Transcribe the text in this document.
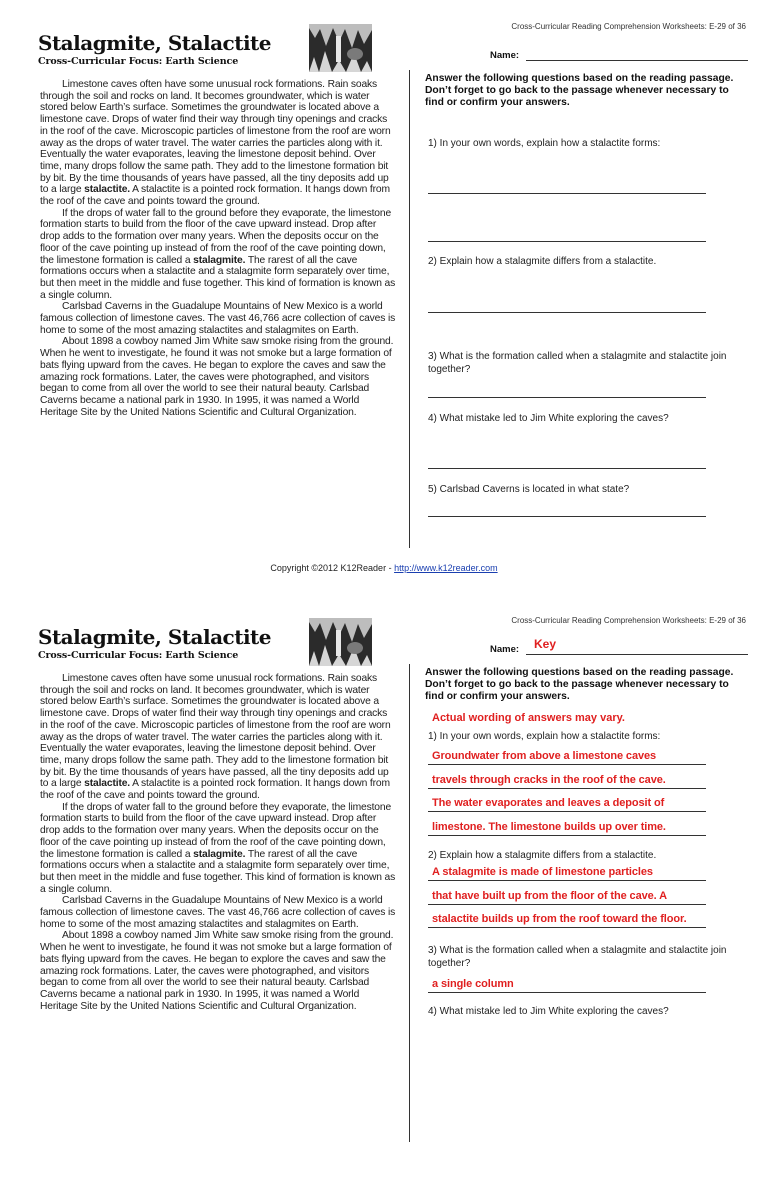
Cross-Curricular Reading Comprehension Worksheets: E-29 of 36
Stalagmite, Stalactite
Cross-Curricular Focus: Earth Science
Name:

Limestone caves often have some unusual rock formations. Rain soaks through the soil and rocks on land. It becomes groundwater, which is water stored below Earth’s surface. Sometimes the groundwater is located above a limestone cave. Drops of water find their way through tiny openings and cracks in the roof of the cave. Microscopic particles of limestone from the roof are worn away as the drops of water travel. The water carries the particles along with it. Eventually the water evaporates, leaving the limestone deposit behind. Over time, many drops follow the same path. They add to the limestone formation bit by bit. By the time thousands of years have passed, all the tiny deposits add up to a large stalactite. A stalactite is a pointed rock formation. It hangs down from the roof of the cave and points toward the ground.

If the drops of water fall to the ground before they evaporate, the limestone formation starts to build from the floor of the cave upward instead. Drop after drop adds to the formation over many years. When the deposits occur on the floor of the cave pointing up instead of from the roof of the cave pointing down, the limestone formation is called a stalagmite. The rarest of all the cave formations occurs when a stalactite and a stalagmite form separately over time, but then meet in the middle and fuse together. This kind of formation is known as a single column.

Carlsbad Caverns in the Guadalupe Mountains of New Mexico is a world famous collection of limestone caves. The vast 46,766 acre collection of caves is home to some of the most amazing stalactites and stalagmites on Earth.

About 1898 a cowboy named Jim White saw smoke rising from the ground. When he went to investigate, he found it was not smoke but a large formation of bats flying upward from the caves. He began to explore the caves and saw the amazing rock formations. Later, the caves were photographed, and visitors began to come from all over the world to see their natural beauty. Carlsbad Caverns became a national park in 1930. In 1995, it was named a World Heritage Site by the United Nations Scientific and Cultural Organization.

Answer the following questions based on the reading passage. Don’t forget to go back to the passage whenever necessary to find or confirm your answers.

1) In your own words, explain how a stalactite forms:

2) Explain how a stalagmite differs from a stalactite.

3) What is the formation called when a stalagmite and stalactite join together?

4) What mistake led to Jim White exploring the caves?

5) Carlsbad Caverns is located in what state?

Copyright ©2012 K12Reader - http://www.k12reader.com
Cross-Curricular Reading Comprehension Worksheets: E-29 of 36
Stalagmite, Stalactite
Cross-Curricular Focus: Earth Science
Name: Key

Limestone caves often have some unusual rock formations. Rain soaks through the soil and rocks on land. It becomes groundwater, which is water stored below Earth’s surface. Sometimes the groundwater is located above a limestone cave. Drops of water find their way through tiny openings and cracks in the roof of the cave. Microscopic particles of limestone from the roof are worn away as the drops of water travel. The water carries the particles along with it. Eventually the water evaporates, leaving the limestone deposit behind. Over time, many drops follow the same path. They add to the limestone formation bit by bit. By the time thousands of years have passed, all the tiny deposits add up to a large stalactite. A stalactite is a pointed rock formation. It hangs down from the roof of the cave and points toward the ground.

If the drops of water fall to the ground before they evaporate, the limestone formation starts to build from the floor of the cave upward instead. Drop after drop adds to the formation over many years. When the deposits occur on the floor of the cave pointing up instead of from the roof of the cave pointing down, the limestone formation is called a stalagmite. The rarest of all the cave formations occurs when a stalactite and a stalagmite form separately over time, but then meet in the middle and fuse together. This kind of formation is known as a single column.

Carlsbad Caverns in the Guadalupe Mountains of New Mexico is a world famous collection of limestone caves. The vast 46,766 acre collection of caves is home to some of the most amazing stalactites and stalagmites on Earth.

About 1898 a cowboy named Jim White saw smoke rising from the ground. When he went to investigate, he found it was not smoke but a large formation of bats flying upward from the caves. He began to explore the caves and saw the amazing rock formations. Later, the caves were photographed, and visitors began to come from all over the world to see their natural beauty. Carlsbad Caverns became a national park in 1930. In 1995, it was named a World Heritage Site by the United Nations Scientific and Cultural Organization.

Answer the following questions based on the reading passage. Don’t forget to go back to the passage whenever necessary to find or confirm your answers.

Actual wording of answers may vary.

1) In your own words, explain how a stalactite forms:

Groundwater from above a limestone caves
travels through cracks in the roof of the cave.
The water evaporates and leaves a deposit of
limestone. The limestone builds up over time.

2) Explain how a stalagmite differs from a stalactite.

A stalagmite is made of limestone particles
that have built up from the floor of the cave. A
stalactite builds up from the roof toward the floor.

3) What is the formation called when a stalagmite and stalactite join together?

a single column

4) What mistake led to Jim White exploring the caves?
